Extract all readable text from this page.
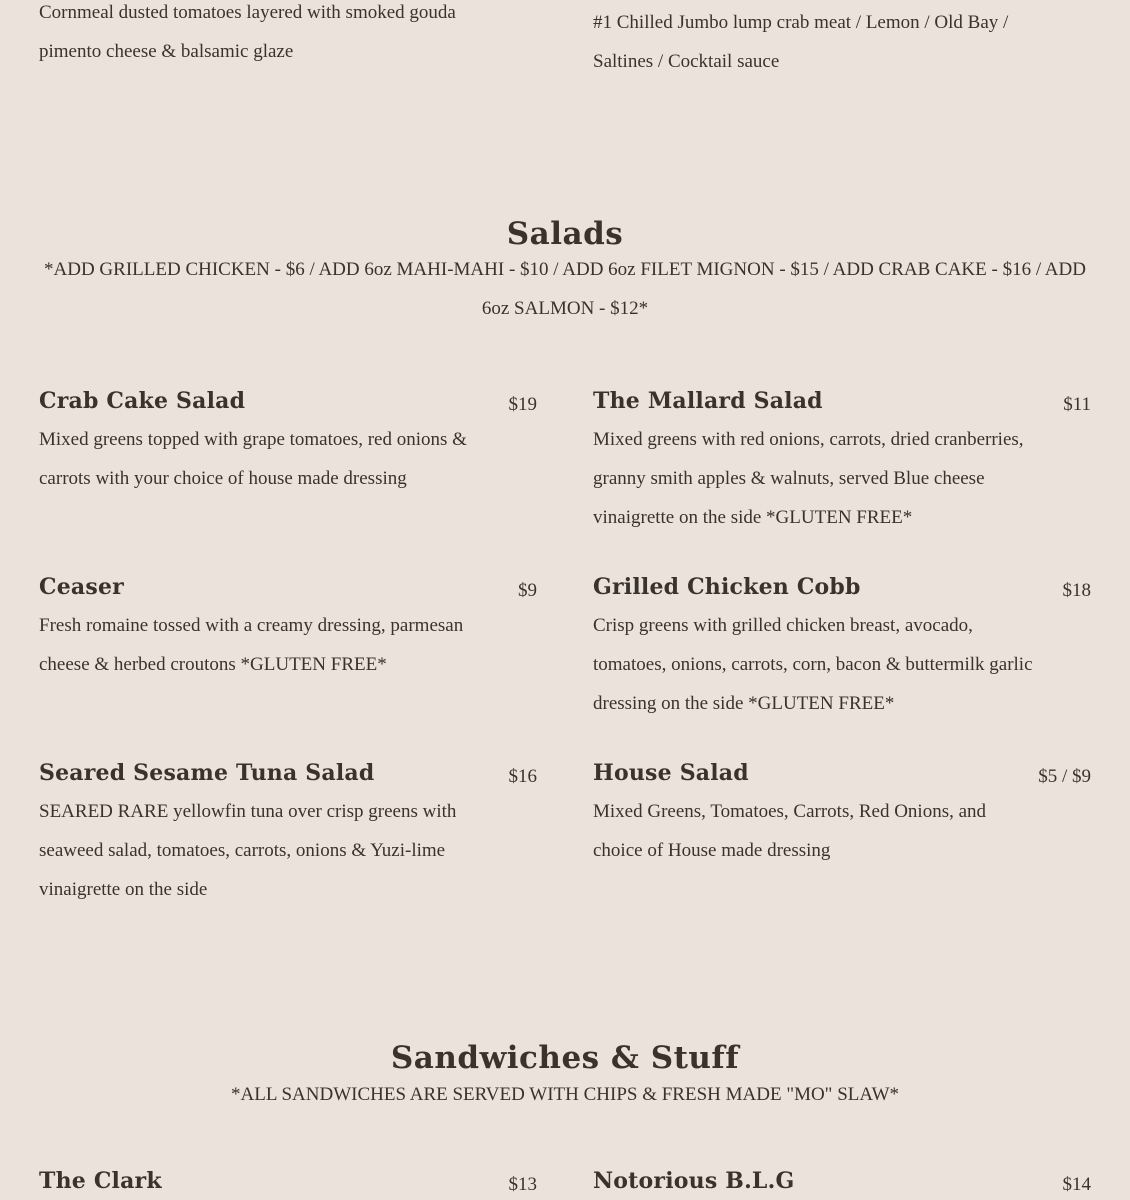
Cornmeal dusted tomatoes layered with smoked gouda pimento cheese & balsamic glaze
#1 Chilled Jumbo lump crab meat / Lemon / Old Bay / Saltines / Cocktail sauce
Salads
*ADD GRILLED CHICKEN - $6 / ADD 6oz MAHI-MAHI - $10 / ADD 6oz FILET MIGNON - $15 / ADD CRAB CAKE - $16 / ADD 6oz SALMON - $12*
Crab Cake Salad	$19
Mixed greens topped with grape tomatoes, red onions & carrots with your choice of house made dressing
The Mallard Salad	$11
Mixed greens with red onions, carrots, dried cranberries, granny smith apples & walnuts, served Blue cheese vinaigrette on the side *GLUTEN FREE*
Ceaser	$9
Fresh romaine tossed with a creamy dressing, parmesan cheese & herbed croutons *GLUTEN FREE*
Grilled Chicken Cobb	$18
Crisp greens with grilled chicken breast, avocado, tomatoes, onions, carrots, corn, bacon & buttermilk garlic dressing on the side *GLUTEN FREE*
Seared Sesame Tuna Salad	$16
SEARED RARE yellowfin tuna over crisp greens with seaweed salad, tomatoes, carrots, onions & Yuzi-lime vinaigrette on the side
House Salad	$5 / $9
Mixed Greens, Tomatoes, Carrots, Red Onions, and choice of House made dressing
Sandwiches & Stuff
*ALL SANDWICHES ARE SERVED WITH CHIPS & FRESH MADE "MO" SLAW*
The Clark	$13	Notorious B.L.G	$14
